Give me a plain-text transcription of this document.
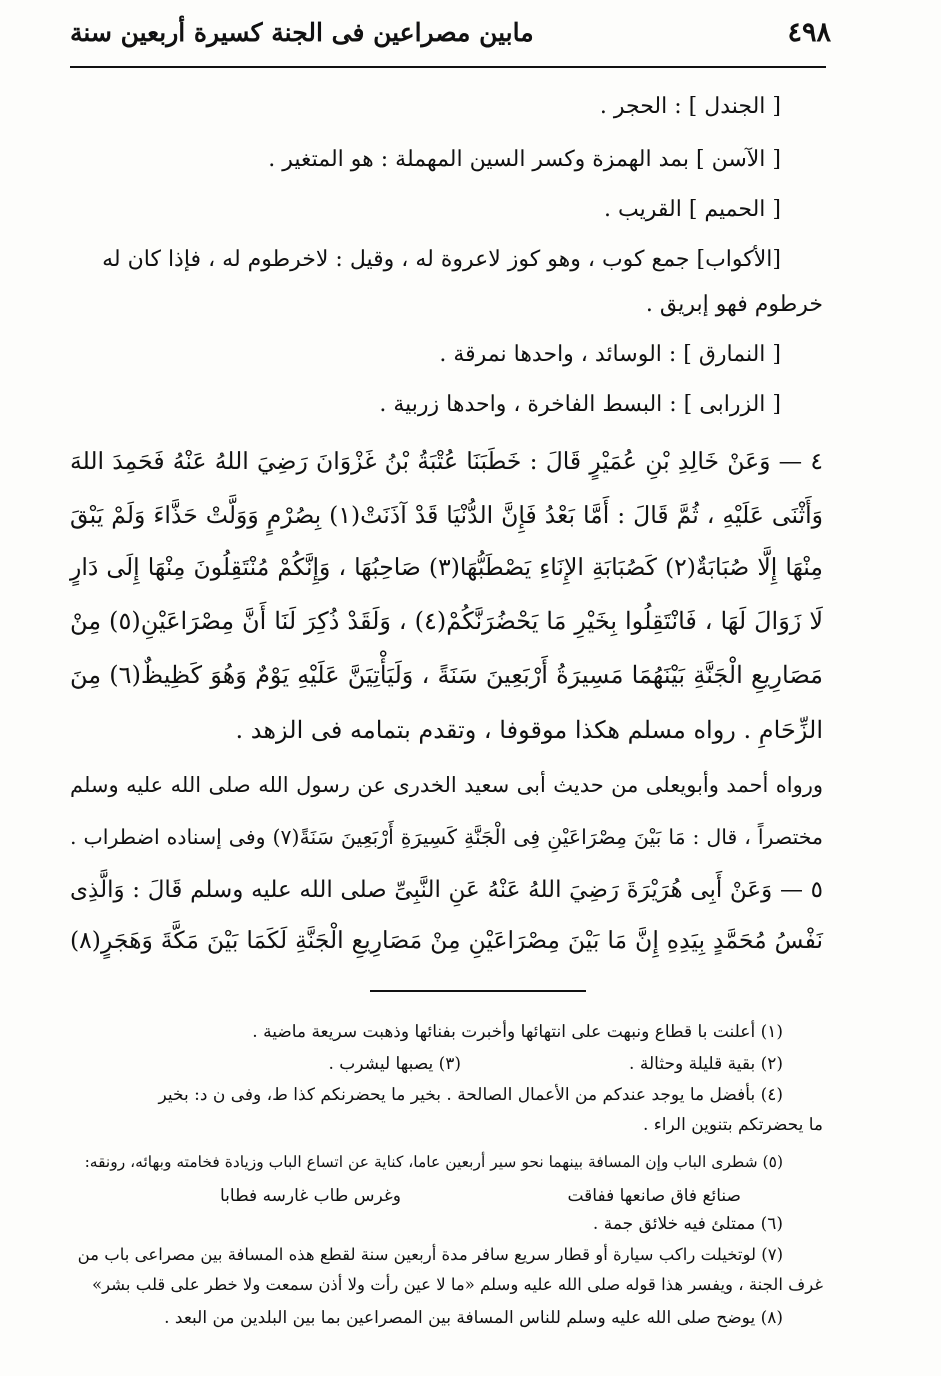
٤٩٨
مابين مصراعين فى الجنة كسيرة أربعين سنة
[ الجندل ] : الحجر .
[ الآسن ] بمد الهمزة وكسر السين المهملة : هو المتغير .
[ الحميم ] القريب .
[الأكواب] جمع كوب ، وهو كوز لاعروة له ، وقيل : لاخرطوم له ، فإذا كان له
خرطوم فهو إبريق .
[ النمارق ] : الوسائد ، واحدها نمرقة .
[ الزرابى ] : البسط الفاخرة ، واحدها زربية .
٤ — وَعَنْ خَالِدِ بْنِ عُمَيْرٍ قَالَ : خَطَبَنَا عُتْبَةُ بْنُ غَزْوَانَ رَضِيَ اللهُ عَنْهُ فَحَمِدَ اللهَ
وَأَثْنَى عَلَيْهِ ، ثُمَّ قَالَ : أَمَّا بَعْدُ فَإِنَّ الدُّنْيَا قَدْ آذَنَتْ(١) بِصُرْمٍ وَوَلَّتْ حَذَّاءَ وَلَمْ يَبْقَ
مِنْهَا إِلَّا صُبَابَةٌ(٢) كَصُبَابَةِ الإِنَاءِ يَصْطَبُّهَا(٣) صَاحِبُهَا ، وَإِنَّكُمْ مُنْتَقِلُونَ مِنْهَا إِلَى دَارٍ
لَا زَوَالَ لَهَا ، فَانْتَقِلُوا بِخَيْرِ مَا يَحْضُرَنَّكُمْ(٤) ، وَلَقَدْ ذُكِرَ لَنَا أَنَّ مِصْرَاعَيْنِ(٥) مِنْ
مَصَارِيعِ الْجَنَّةِ بَيْنَهُمَا مَسِيرَةُ أَرْبَعِينَ سَنَةً ، وَلَيَأْتِيَنَّ عَلَيْهِ يَوْمٌ وَهُوَ كَظِيظٌ(٦) مِنَ
الزِّحَامِ . رواه مسلم هكذا موقوفا ، وتقدم بتمامه فى الزهد .
ورواه أحمد وأبويعلى من حديث أبى سعيد الخدرى عن رسول الله صلى الله عليه وسلم
مختصراً ، قال : مَا بَيْنَ مِصْرَاعَيْنِ فِى الْجَنَّةِ كَسِيرَةِ أَرْبَعِينَ سَنَةً(٧) وفى إسناده اضطراب .
٥ — وَعَنْ أَبِى هُرَيْرَةَ رَضِيَ اللهُ عَنْهُ عَنِ النَّبِىِّ صلى الله عليه وسلم قَالَ : وَالَّذِى
نَفْسُ مُحَمَّدٍ بِيَدِهِ إِنَّ مَا بَيْنَ مِصْرَاعَيْنِ مِنْ مَصَارِيعِ الْجَنَّةِ لَكَمَا بَيْنَ مَكَّةَ وَهَجَرٍ(٨)
(١) أعلنت با قطاع ونبهت على انتهائها وأخبرت بفنائها وذهبت سريعة ماضية .
(٢) بقية قليلة وحثالة .
(٣) يصبها ليشرب .
(٤) بأفضل ما يوجد عندكم من الأعمال الصالحة . بخير ما يحضرنكم كذا ط، وفى ن د: بخير
ما يحضرتكم بتنوين الراء .
(٥) شطرى الباب وإن المسافة بينهما نحو سير أربعين عاما، كناية عن اتساع الباب وزيادة فخامته وبهائه، رونقه:
صنائع فاق صانعها ففاقت
وغرس طاب غارسه فطابا
(٦) ممتلئ فيه خلائق جمة .
(٧) لوتخيلت راكب سيارة أو قطار سريع سافر مدة أربعين سنة لقطع هذه المسافة بين مصراعى باب من
غرف الجنة ، ويفسر هذا قوله صلى الله عليه وسلم «ما لا عين رأت ولا أذن سمعت ولا خطر على قلب بشر»
(٨) يوضح صلى الله عليه وسلم للناس المسافة بين المصراعين بما بين البلدين من البعد .
